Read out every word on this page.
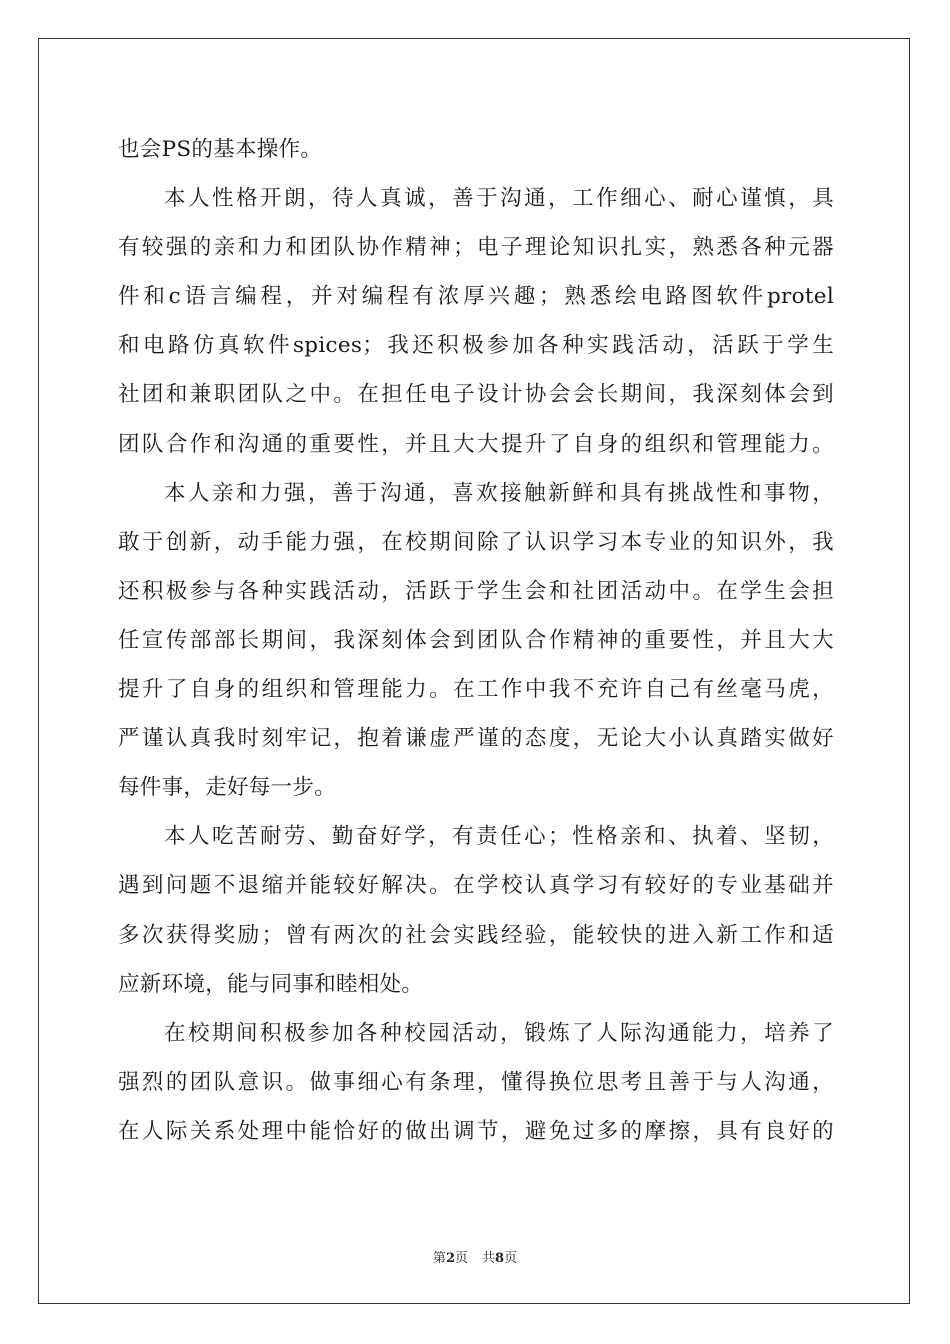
也会PS的基本操作。
本人性格开朗，待人真诚，善于沟通，工作细心、耐心谨慎，具
有较强的亲和力和团队协作精神；电子理论知识扎实，熟悉各种元器
件和c语言编程，并对编程有浓厚兴趣；熟悉绘电路图软件protel
和电路仿真软件spices；我还积极参加各种实践活动，活跃于学生
社团和兼职团队之中。在担任电子设计协会会长期间，我深刻体会到
团队合作和沟通的重要性，并且大大提升了自身的组织和管理能力。
本人亲和力强，善于沟通，喜欢接触新鲜和具有挑战性和事物，
敢于创新，动手能力强，在校期间除了认识学习本专业的知识外，我
还积极参与各种实践活动，活跃于学生会和社团活动中。在学生会担
任宣传部部长期间，我深刻体会到团队合作精神的重要性，并且大大
提升了自身的组织和管理能力。在工作中我不充许自己有丝毫马虎，
严谨认真我时刻牢记，抱着谦虚严谨的态度，无论大小认真踏实做好
每件事，走好每一步。
本人吃苦耐劳、勤奋好学，有责任心；性格亲和、执着、坚韧，
遇到问题不退缩并能较好解决。在学校认真学习有较好的专业基础并
多次获得奖励；曾有两次的社会实践经验，能较快的进入新工作和适
应新环境，能与同事和睦相处。
在校期间积极参加各种校园活动，锻炼了人际沟通能力，培养了
强烈的团队意识。做事细心有条理，懂得换位思考且善于与人沟通，
在人际关系处理中能恰好的做出调节，避免过多的摩擦，具有良好的
第2页 共8页
